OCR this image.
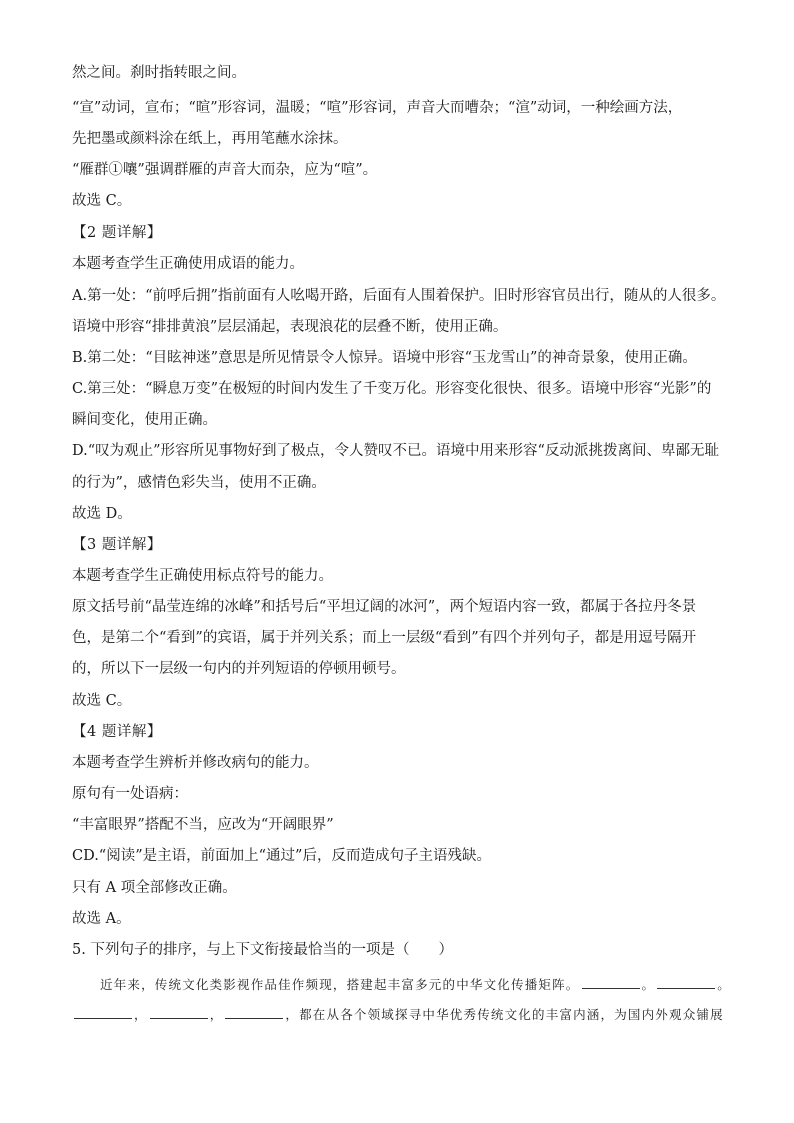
然之间。刹时指转眼之间。
“宣”动词，宣布；“暄”形容词，温暖；“喧”形容词，声音大而嘈杂；“渲”动词，一种绘画方法，
先把墨或颜料涂在纸上，再用笔蘸水涂抹。
“雁群①嚷”强调群雁的声音大而杂，应为“喧”。
故选 C。
【2 题详解】
本题考查学生正确使用成语的能力。
A.第一处：“前呼后拥”指前面有人吆喝开路，后面有人围着保护。旧时形容官员出行，随从的人很多。
语境中形容“排排黄浪”层层涌起，表现浪花的层叠不断，使用正确。
B.第二处：“目眩神迷”意思是所见情景令人惊异。语境中形容“玉龙雪山”的神奇景象，使用正确。
C.第三处：“瞬息万变”在极短的时间内发生了千变万化。形容变化很快、很多。语境中形容“光影”的
瞬间变化，使用正确。
D.“叹为观止”形容所见事物好到了极点，令人赞叹不已。语境中用来形容“反动派挑拨离间、卑鄙无耻
的行为”，感情色彩失当，使用不正确。
故选 D。
【3 题详解】
本题考查学生正确使用标点符号的能力。
原文括号前“晶莹连绵的冰峰”和括号后“平坦辽阔的冰河”，两个短语内容一致，都属于各拉丹冬景
色，是第二个“看到”的宾语，属于并列关系；而上一层级“看到”有四个并列句子，都是用逗号隔开
的，所以下一层级一句内的并列短语的停顿用顿号。
故选 C。
【4 题详解】
本题考查学生辨析并修改病句的能力。
原句有一处语病：
“丰富眼界”搭配不当，应改为“开阔眼界”
CD.“阅读”是主语，前面加上“通过”后，反而造成句子主语残缺。
只有 A 项全部修改正确。
故选 A。
5. 下列句子的排序，与上下文衔接最恰当的一项是（　　）
近年来，传统文化类影视作品佳作频现，搭建起丰富多元的中华文化传播矩阵。	。	。
，	，	，都在从各个领域探寻中华优秀传统文化的丰富内涵，为国内外观众铺展
